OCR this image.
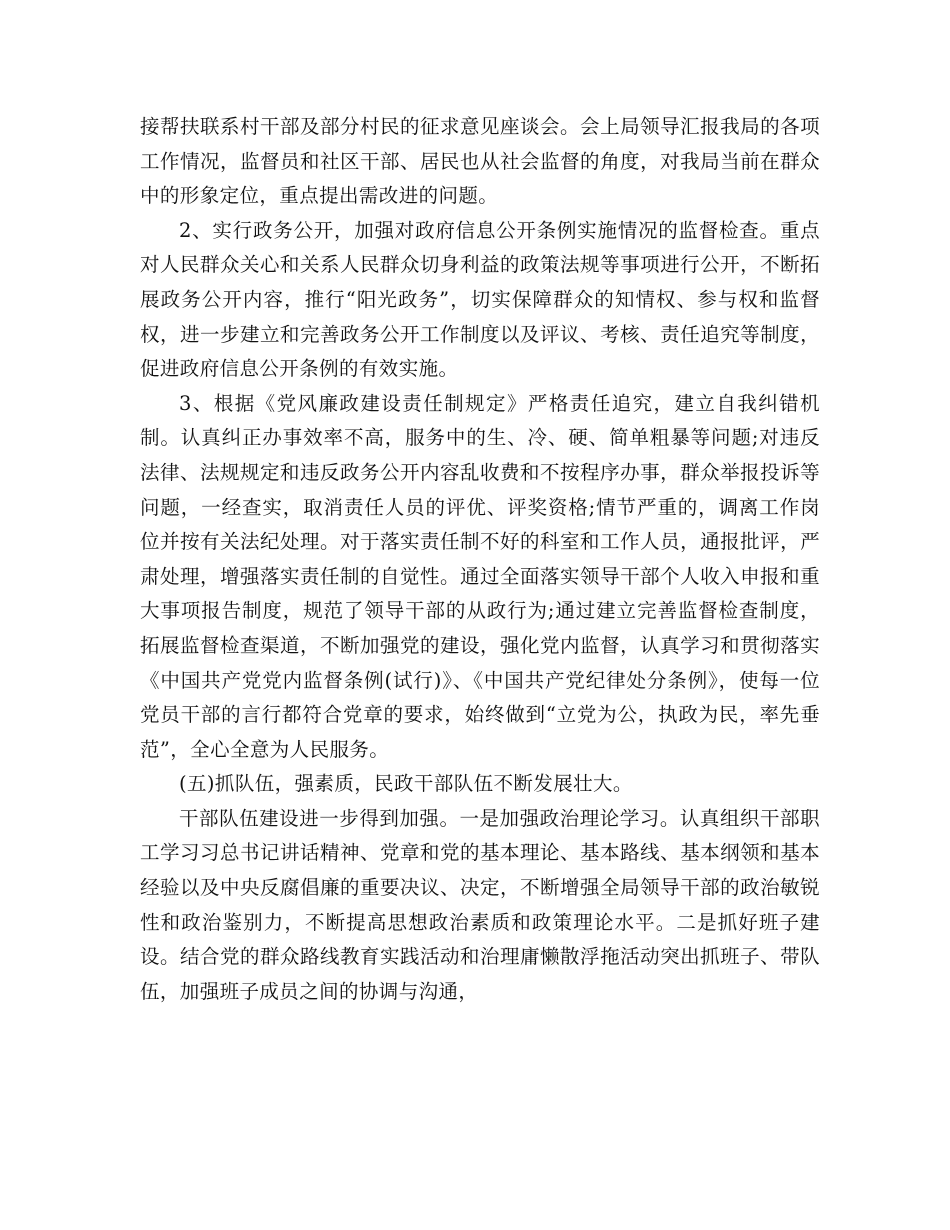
接帮扶联系村干部及部分村民的征求意见座谈会。会上局领导汇报我局的各项工作情况，监督员和社区干部、居民也从社会监督的角度，对我局当前在群众中的形象定位，重点提出需改进的问题。

2、实行政务公开，加强对政府信息公开条例实施情况的监督检查。重点对人民群众关心和关系人民群众切身利益的政策法规等事项进行公开，不断拓展政务公开内容，推行“阳光政务”，切实保障群众的知情权、参与权和监督权，进一步建立和完善政务公开工作制度以及评议、考核、责任追究等制度，促进政府信息公开条例的有效实施。

3、根据《党风廉政建设责任制规定》严格责任追究，建立自我纠错机制。认真纠正办事效率不高，服务中的生、冷、硬、简单粗暴等问题;对违反法律、法规规定和违反政务公开内容乱收费和不按程序办事，群众举报投诉等问题，一经查实，取消责任人员的评优、评奖资格;情节严重的，调离工作岗位并按有关法纪处理。对于落实责任制不好的科室和工作人员，通报批评，严肃处理，增强落实责任制的自觉性。通过全面落实领导干部个人收入申报和重大事项报告制度，规范了领导干部的从政行为;通过建立完善监督检查制度，拓展监督检查渠道，不断加强党的建设，强化党内监督，认真学习和贯彻落实《中国共产党党内监督条例(试行)》、《中国共产党纪律处分条例》，使每一位党员干部的言行都符合党章的要求，始终做到“立党为公，执政为民，率先垂范”，全心全意为人民服务。

(五)抓队伍，强素质，民政干部队伍不断发展壮大。

干部队伍建设进一步得到加强。一是加强政治理论学习。认真组织干部职工学习习总书记讲话精神、党章和党的基本理论、基本路线、基本纲领和基本经验以及中央反腐倡廉的重要决议、决定，不断增强全局领导干部的政治敏锐性和政治鉴别力，不断提高思想政治素质和政策理论水平。二是抓好班子建设。结合党的群众路线教育实践活动和治理庸懒散浮拖活动突出抓班子、带队伍，加强班子成员之间的协调与沟通，
